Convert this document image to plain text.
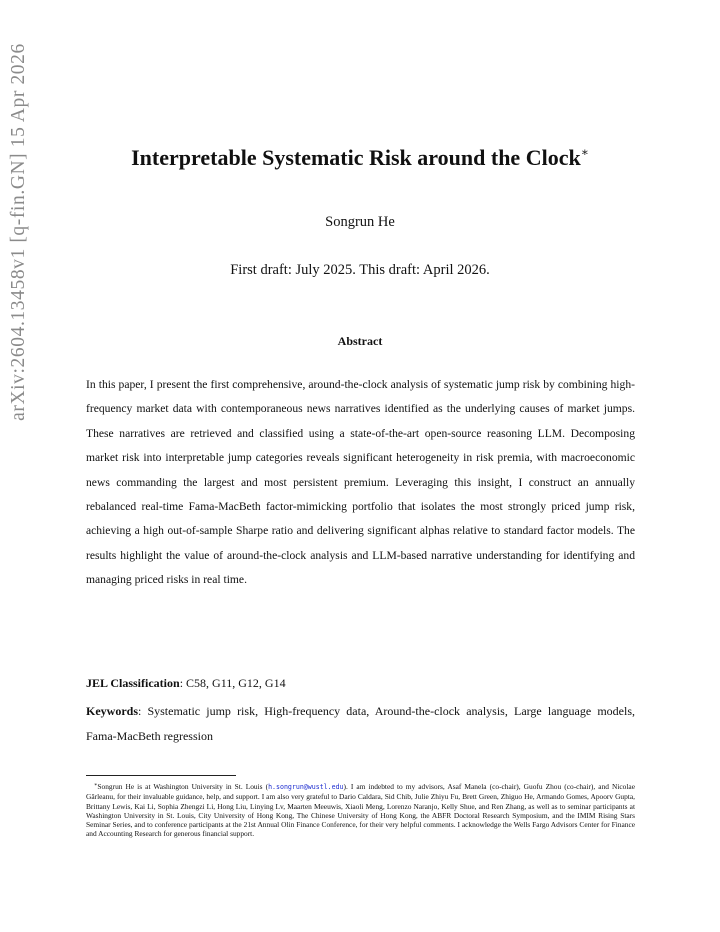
arXiv:2604.13458v1 [q-fin.GN] 15 Apr 2026	Interpretable Systematic Risk around the Clock∗
Songrun He
First draft: July 2025. This draft: April 2026.
Abstract

In this paper, I present the first comprehensive, around-the-clock analysis of systematic jump risk by combining high-frequency market data with contemporaneous news narratives identified as the underlying causes of market jumps. These narratives are retrieved and classified using a state-of-the-art open-source reasoning LLM. Decomposing market risk into interpretable jump categories reveals significant heterogeneity in risk premia, with macroeconomic news commanding the largest and most persistent premium. Leveraging this insight, I construct an annually rebalanced real-time Fama-MacBeth factor-mimicking portfolio that isolates the most strongly priced jump risk, achieving a high out-of-sample Sharpe ratio and delivering significant alphas relative to standard factor models. The results highlight the value of around-the-clock analysis and LLM-based narrative understanding for identifying and managing priced risks in real time.

JEL Classification: C58, G11, G12, G14

Keywords: Systematic jump risk, High-frequency data, Around-the-clock analysis, Large language models, Fama-MacBeth regression

∗Songrun He is at Washington University in St. Louis (h.songrun@wustl.edu). I am indebted to my advisors, Asaf Manela (co-chair), Guofu Zhou (co-chair), and Nicolae Gârleanu, for their invaluable guidance, help, and support. I am also very grateful to Dario Caldara, Sid Chib, Julie Zhiyu Fu, Brett Green, Zhiguo He, Armando Gomes, Apoorv Gupta, Brittany Lewis, Kai Li, Sophia Zhengzi Li, Hong Liu, Linying Lv, Maarten Meeuwis, Xiaoli Meng, Lorenzo Naranjo, Kelly Shue, and Ren Zhang, as well as to seminar participants at Washington University in St. Louis, City University of Hong Kong, The Chinese University of Hong Kong, the ABFR Doctoral Research Symposium, and the IMIM Rising Stars Seminar Series, and to conference participants at the 21st Annual Olin Finance Conference, for their very helpful comments. I acknowledge the Wells Fargo Advisors Center for Finance and Accounting Research for generous financial support.
